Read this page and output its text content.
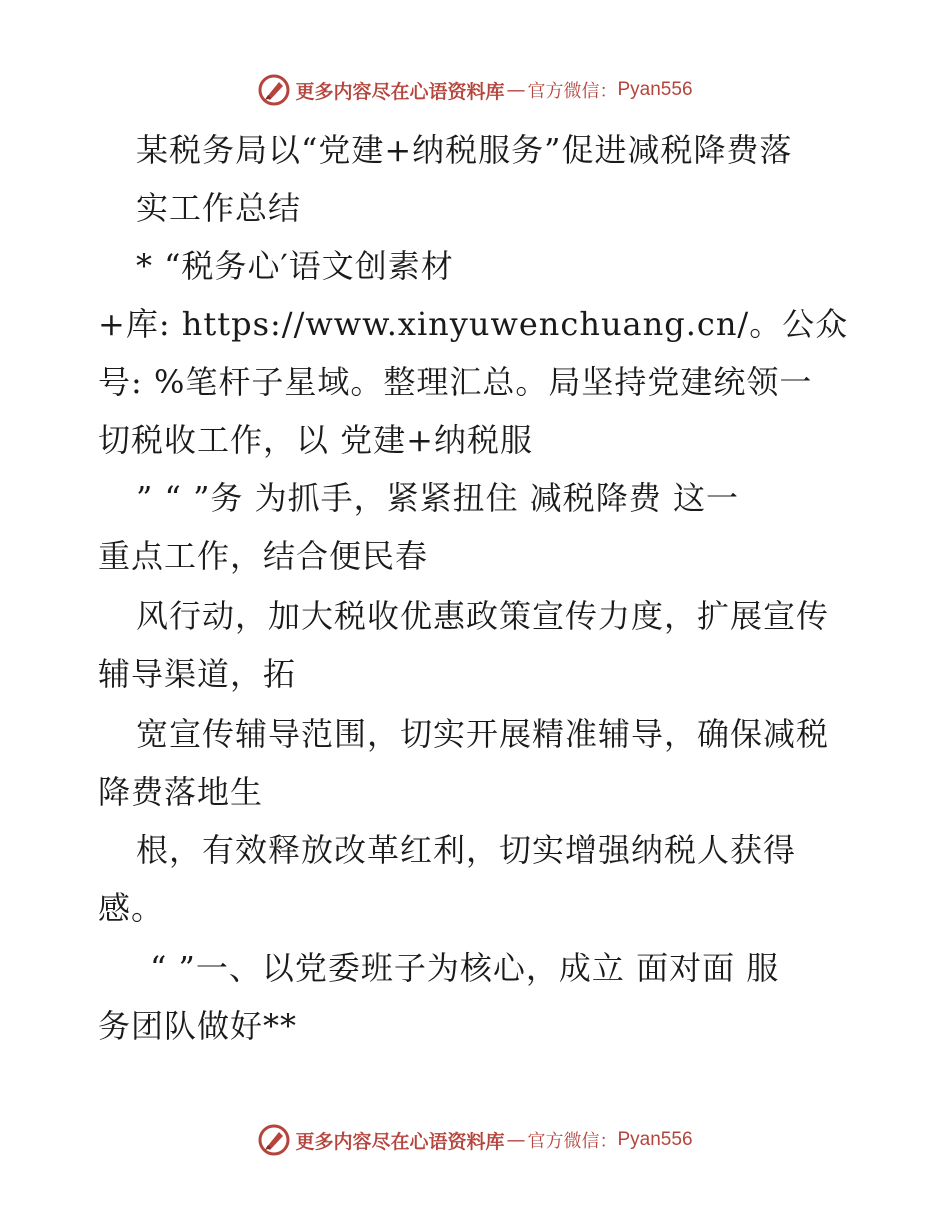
更多内容尽在心语资料库 — 官方微信： Pyan556
某税务局以“党建+纳税服务”促进减税降费落
实工作总结
* “税务心′语文创素材
+库: https://www.xinyuwenchuang.cn/。公众
号: %笔杆子星域。整理汇总。局坚持党建统领一
切税收工作，以 党建+纳税服
” “ ”务 为抓手，紧紧扭住 减税降费 这一
重点工作，结合便民春
风行动，加大税收优惠政策宣传力度，扩展宣传
辅导渠道，拓
宽宣传辅导范围，切实开展精准辅导，确保减税
降费落地生
根，有效释放改革红利，切实增强纳税人获得
感。
“ ”一、以党委班子为核心，成立 面对面 服
务团队做好**
更多内容尽在心语资料库 — 官方微信： Pyan556
